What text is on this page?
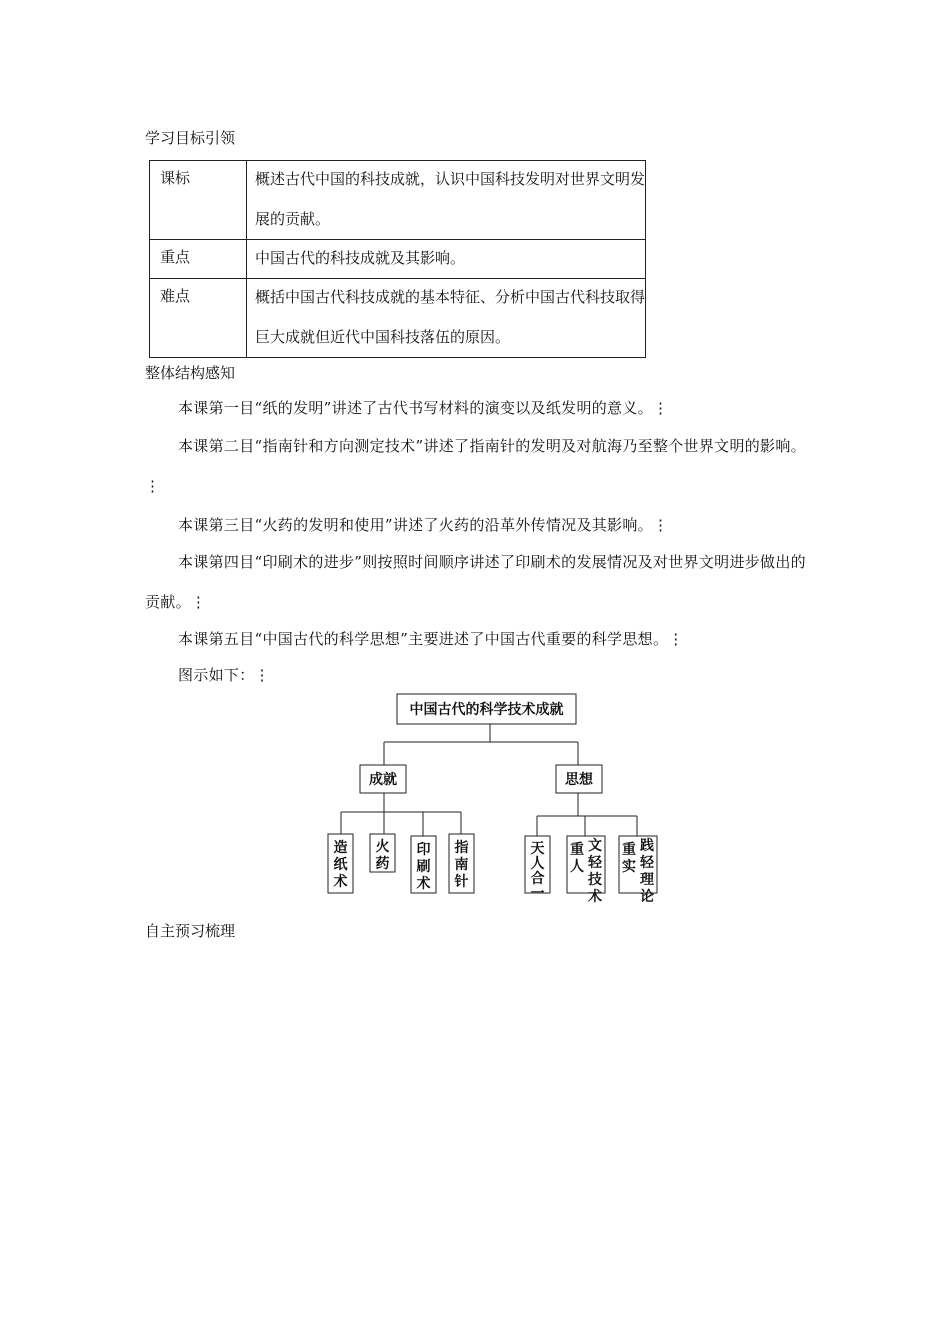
学习目标引领
课标	概述古代中国的科技成就，认识中国科技发明对世界文明发展的贡献。

重点	中国古代的科技成就及其影响。

难点	概括中国古代科技成就的基本特征、分析中国古代科技取得巨大成就但近代中国科技落伍的原因。
整体结构感知
本课第一目“纸的发明”讲述了古代书写材料的演变以及纸发明的意义。⋮
本课第二目“指南针和方向测定技术”讲述了指南针的发明及对航海乃至整个世界文明的影响。⋮
本课第三目“火药的发明和使用”讲述了火药的沿革外传情况及其影响。⋮
本课第四目“印刷术的进步”则按照时间顺序讲述了印刷术的发展情况及对世界文明进步做出的贡献。⋮
本课第五目“中国古代的科学思想”主要进述了中国古代重要的科学思想。⋮
图示如下：⋮
中国古代的科学技术成就
成就	思想
造
纸
术
火
药
印
刷
术
指
南
针
天
人
合
一
重
人
文
轻
技
术
重
实
践
轻
理
论
自主预习梳理
